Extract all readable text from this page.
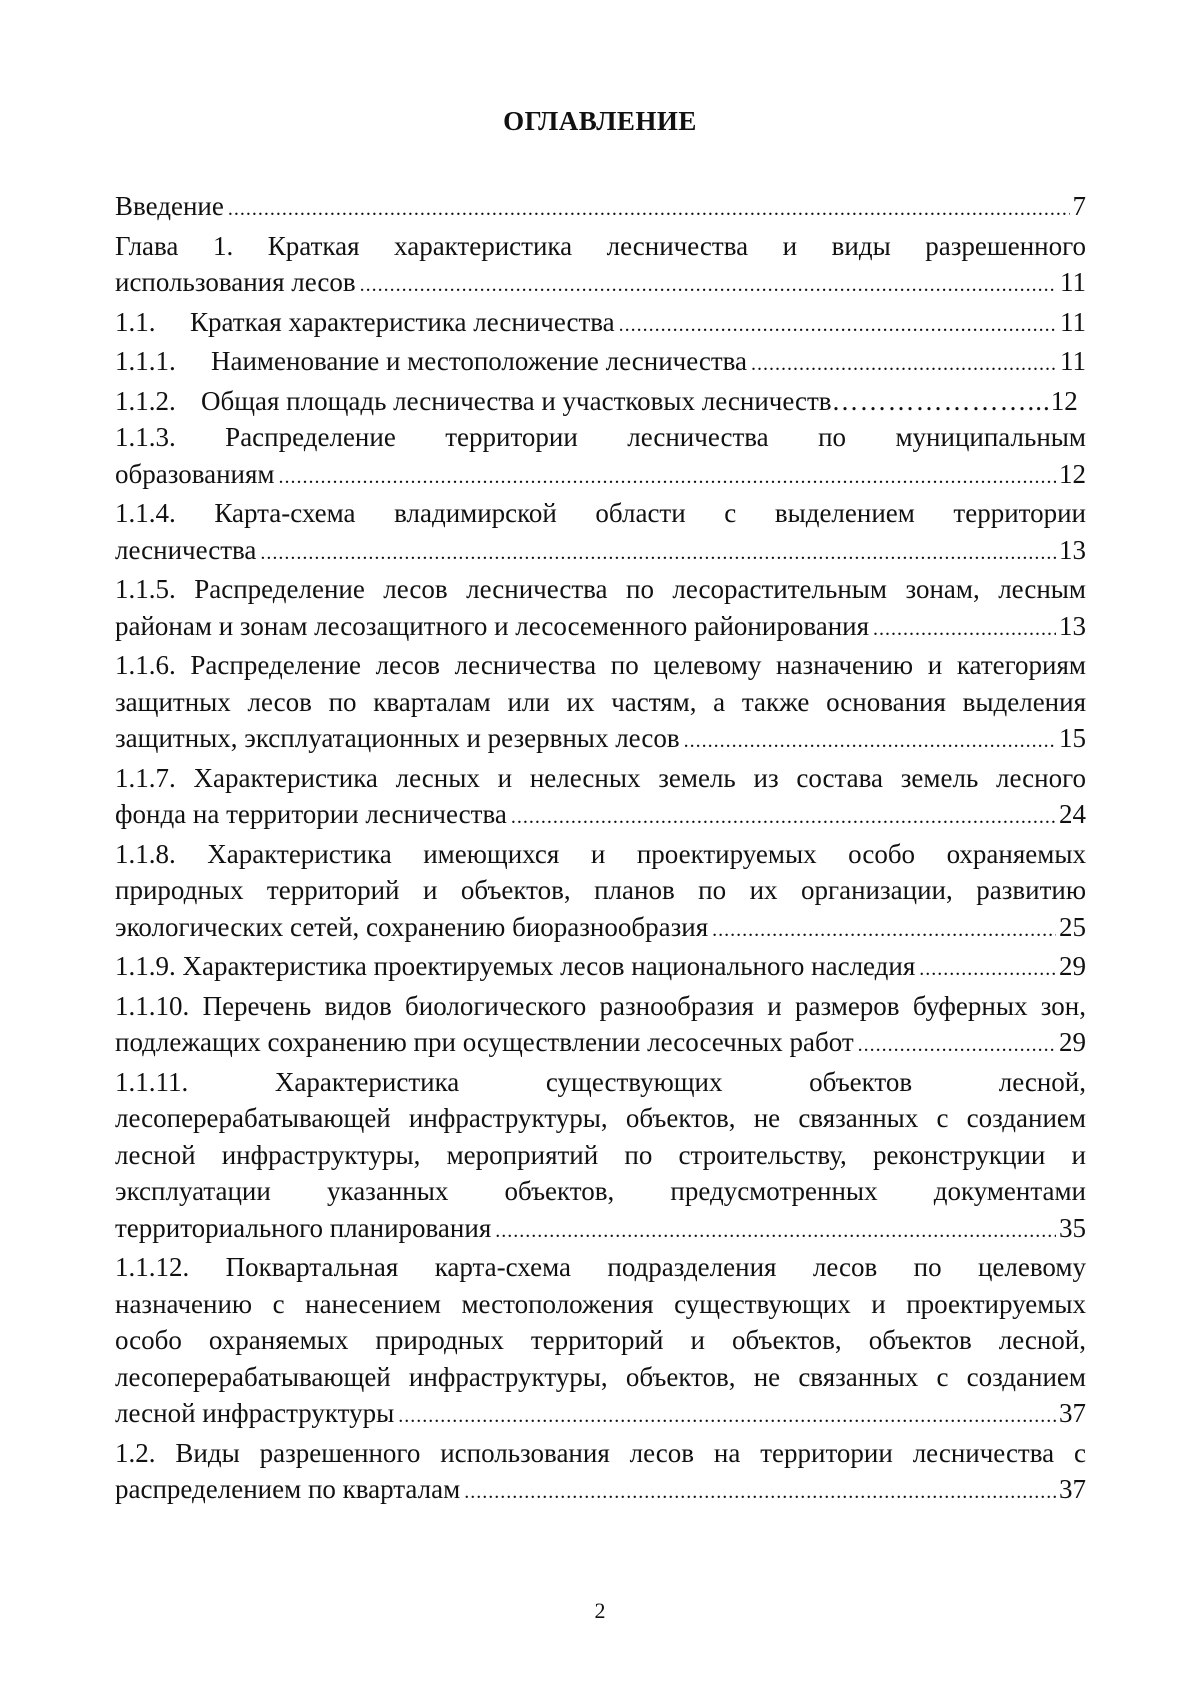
ОГЛАВЛЕНИЕ
Введение .....	7
Глава 1. Краткая характеристика лесничества и виды разрешенного
использования лесов .....	11
1.1. Краткая характеристика лесничества .....	11
1.1.1. Наименование и местоположение лесничества .....	11
1.1.2. Общая площадь лесничества и участковых лесничеств …………………... 12
1.1.3. Распределение территории лесничества по муниципальным
образованиям .....	12
1.1.4. Карта-схема владимирской области с выделением территории
лесничества .....	13
1.1.5. Распределение лесов лесничества по лесорастительным зонам, лесным
районам и зонам лесозащитного и лесосеменного районирования .....	13
1.1.6. Распределение лесов лесничества по целевому назначению и категориям
защитных лесов по кварталам или их частям, а также основания выделения
защитных, эксплуатационных и резервных лесов .....	15
1.1.7. Характеристика лесных и нелесных земель из состава земель лесного
фонда на территории лесничества .....	24
1.1.8. Характеристика имеющихся и проектируемых особо охраняемых
природных территорий и объектов, планов по их организации, развитию
экологических сетей, сохранению биоразнообразия .....	25
1.1.9. Характеристика проектируемых лесов национального наследия .....	29
1.1.10. Перечень видов биологического разнообразия и размеров буферных зон,
подлежащих сохранению при осуществлении лесосечных работ .....	29
1.1.11. Характеристика существующих объектов лесной,
лесоперерабатывающей инфраструктуры, объектов, не связанных с созданием
лесной инфраструктуры, мероприятий по строительству, реконструкции и
эксплуатации указанных объектов, предусмотренных документами
территориального планирования .....	35
1.1.12. Поквартальная карта-схема подразделения лесов по целевому
назначению с нанесением местоположения существующих и проектируемых
особо охраняемых природных территорий и объектов, объектов лесной,
лесоперерабатывающей инфраструктуры, объектов, не связанных с созданием
лесной инфраструктуры .....	37
1.2. Виды разрешенного использования лесов на территории лесничества с
распределением по кварталам .....	37
2
